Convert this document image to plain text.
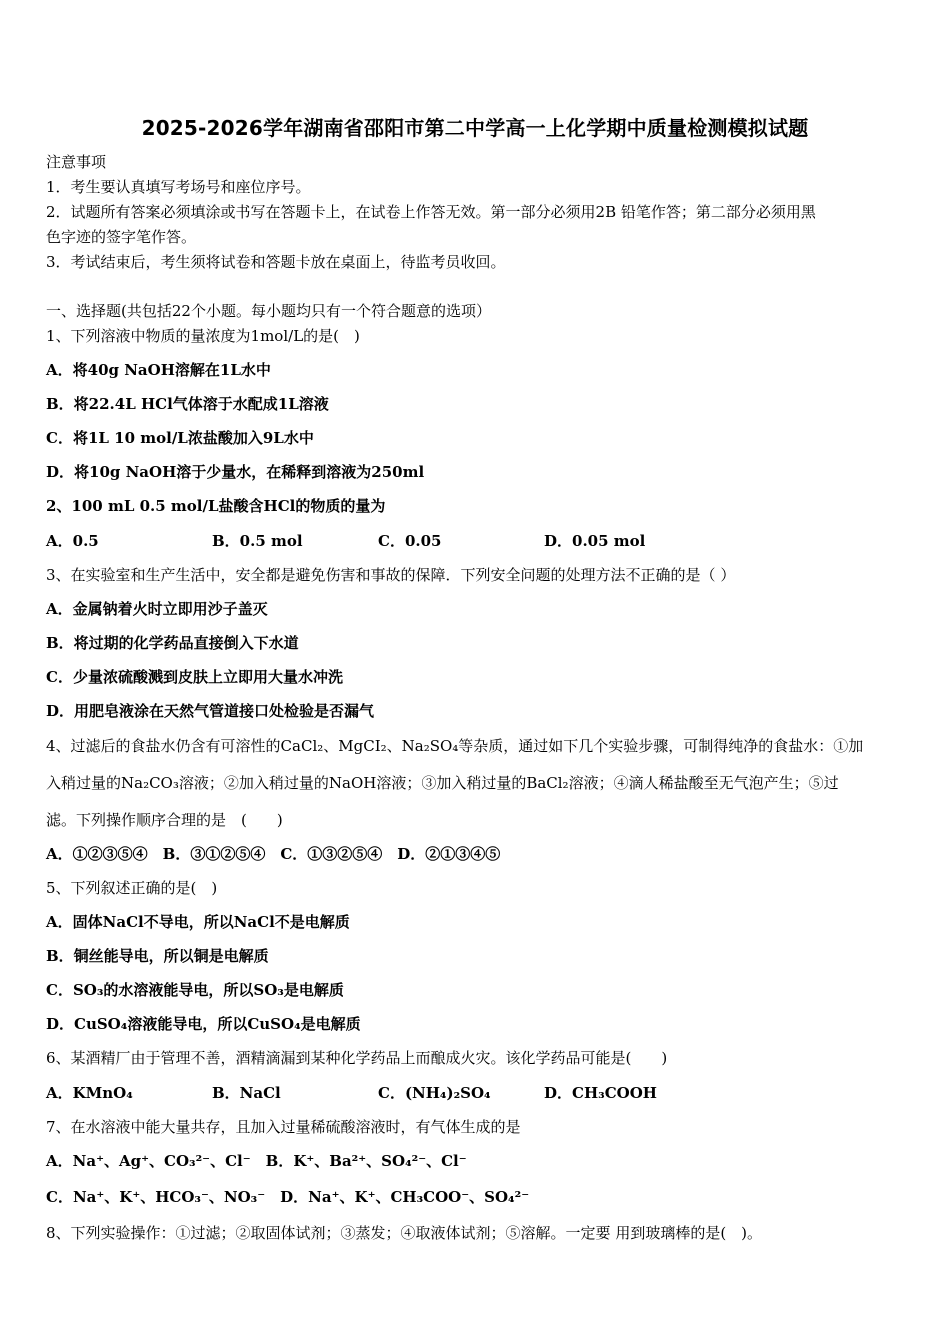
2025-2026学年湖南省邵阳市第二中学高一上化学期中质量检测模拟试题
注意事项
1．考生要认真填写考场号和座位序号。
2．试题所有答案必须填涂或书写在答题卡上，在试卷上作答无效。第一部分必须用2B 铅笔作答；第二部分必须用黑
色字迹的签字笔作答。
3．考试结束后，考生须将试卷和答题卡放在桌面上，待监考员收回。
一、选择题(共包括22个小题。每小题均只有一个符合题意的选项）
1、下列溶液中物质的量浓度为1mol/L的是(　)
A．将40g NaOH溶解在1L水中
B．将22.4L HCl气体溶于水配成1L溶液
C．将1L 10 mol/L浓盐酸加入9L水中
D．将10g NaOH溶于少量水，在稀释到溶液为250ml
2、100 mL 0.5 mol/L盐酸含HCl的物质的量为
A．0.5	B．0.5 mol	C．0.05	D．0.05 mol
3、在实验室和生产生活中，安全都是避免伤害和事故的保障．下列安全问题的处理方法不正确的是（ ）
A．金属钠着火时立即用沙子盖灭
B．将过期的化学药品直接倒入下水道
C．少量浓硫酸溅到皮肤上立即用大量水冲洗
D．用肥皂液涂在天然气管道接口处检验是否漏气
4、过滤后的食盐水仍含有可溶性的CaCl₂、MgCI₂、Na₂SO₄等杂质，通过如下几个实验步骤，可制得纯净的食盐水：①加
入稍过量的Na₂CO₃溶液；②加入稍过量的NaOH溶液；③加入稍过量的BaCl₂溶液；④滴人稀盐酸至无气泡产生；⑤过
滤。下列操作顺序合理的是　(　　)
A．①②③⑤④　B．③①②⑤④　C．①③②⑤④　D．②①③④⑤
5、下列叙述正确的是(　)
A．固体NaCl不导电，所以NaCl不是电解质
B．铜丝能导电，所以铜是电解质
C．SO₃的水溶液能导电，所以SO₃是电解质
D．CuSO₄溶液能导电，所以CuSO₄是电解质
6、某酒精厂由于管理不善，酒精滴漏到某种化学药品上而酿成火灾。该化学药品可能是(　　)
A．KMnO₄	B．NaCl	C．(NH₄)₂SO₄	D．CH₃COOH
7、在水溶液中能大量共存，且加入过量稀硫酸溶液时，有气体生成的是
A．Na⁺、Ag⁺、CO₃²⁻、Cl⁻　B．K⁺、Ba²⁺、SO₄²⁻、Cl⁻
C．Na⁺、K⁺、HCO₃⁻、NO₃⁻　D．Na⁺、K⁺、CH₃COO⁻、SO₄²⁻
8、下列实验操作：①过滤；②取固体试剂；③蒸发；④取液体试剂；⑤溶解。一定要 用到玻璃棒的是(　)。
